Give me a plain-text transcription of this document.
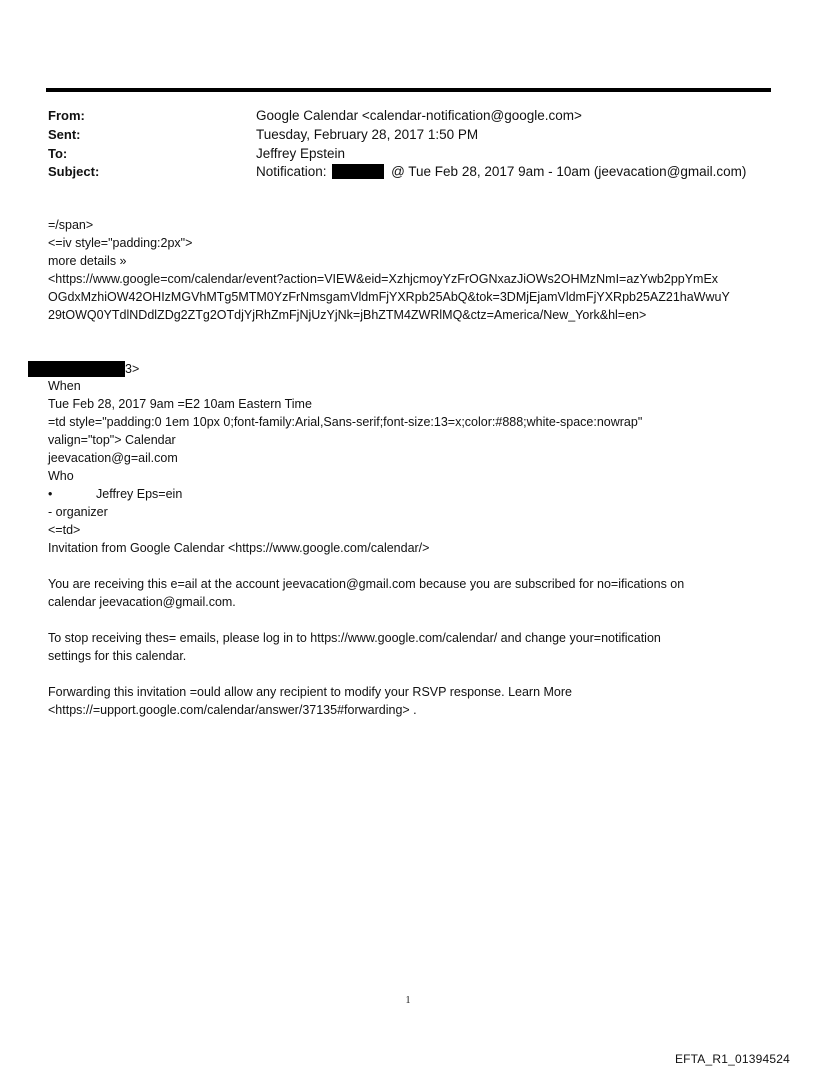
From:	Google Calendar <calendar-notification@google.com>
Sent:	Tuesday, February 28, 2017 1:50 PM
To:	Jeffrey Epstein
Subject:	Notification:	@ Tue Feb 28, 2017 9am - 10am (jeevacation@gmail.com)
=/span>
<=iv style="padding:2px">
more details »
<https://www.google=com/calendar/event?action=VIEW&eid=XzhjcmoyYzFrOGNxazJiOWs2OHMzNmI=azYwb2ppYmEx
OGdxMzhiOW42OHIzMGVhMTg5MTM0YzFrNmsgamVldmFjYXRpb25AbQ&tok=3DMjEjamVldmFjYXRpb25AZ21haWwuY
29tOWQ0YTdlNDdlZDg2ZTg2OTdjYjRhZmFjNjUzYjNk=jBhZTM4ZWRlMQ&ctz=America/New_York&hl=en>
3>
When
Tue Feb 28, 2017 9am =E2 10am Eastern Time
=td style="padding:0 1em 10px 0;font-family:Arial,Sans-serif;font-size:13=x;color:#888;white-space:nowrap"
valign="top"> Calendar
jeevacation@g=ail.com
Who
•	Jeffrey Eps=ein
- organizer
<=td>
Invitation from Google Calendar <https://www.google.com/calendar/>
You are receiving this e=ail at the account jeevacation@gmail.com because you are subscribed for no=ifications on
calendar jeevacation@gmail.com.
To stop receiving thes= emails, please log in to https://www.google.com/calendar/ and change your=notification
settings for this calendar.
Forwarding this invitation =ould allow any recipient to modify your RSVP response. Learn More
<https://=upport.google.com/calendar/answer/37135#forwarding> .
1
EFTA_R1_01394524
